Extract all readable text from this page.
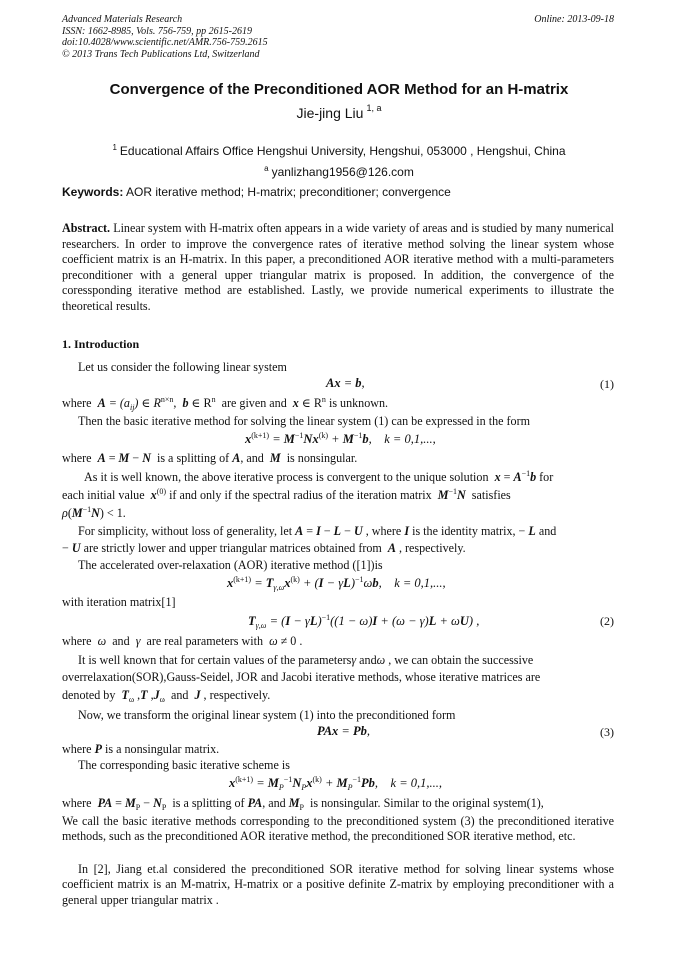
Advanced Materials Research
ISSN: 1662-8985, Vols. 756-759, pp 2615-2619
doi:10.4028/www.scientific.net/AMR.756-759.2615
© 2013 Trans Tech Publications Ltd, Switzerland
Online: 2013-09-18
Convergence of the Preconditioned AOR Method for an H-matrix
Jie-jing Liu $^{1, a}$
$^1$ Educational Affairs Office Hengshui University, Hengshui, 053000 , Hengshui, China
$^a$ yanlizhang1956@126.com
Keywords: AOR iterative method; H-matrix; preconditioner; convergence
Abstract. Linear system with H-matrix often appears in a wide variety of areas and is studied by many numerical researchers. In order to improve the convergence rates of iterative method solving the linear system whose coefficient matrix is an H-matrix. In this paper, a preconditioned AOR iterative method with a multi-parameters preconditioner with a general upper triangular matrix is proposed. In addition, the convergence of the coressponding iterative method are established. Lastly, we provide numerical experiments to illustrate the theoretical results.
1. Introduction
Let us consider the following linear system
Ax = b,	(1)
where  $A = (a_{ij})$ ∈ $R^{n\times n}$,  b ∈ $R^n$ are given and x ∈ $R^n$ is unknown.
Then the basic iterative method for solving the linear system (1) can be expressed in the form
$x^{(k+1)} = M^{-1}Nx^{(k)} + M^{-1}b$,    k = 0,1,...,
where  A = M − N is a splitting of A, and M is nonsingular.
As it is well known, the above iterative process is convergent to the unique solution $x = A^{-1}b$ for
each initial value $x^{(0)}$ if and only if the spectral radius of the iteration matrix $M^{-1}N$ satisfies
$\rho(M^{-1}N) < 1$.
For simplicity, without loss of generality, let A = I − L − U , where I is the identity matrix, − L and
− U are strictly lower and upper triangular matrices obtained from A , respectively.
The accelerated over-relaxation (AOR) iterative method ([1])is
$x^{(k+1)} = T_{\gamma,\omega}x^{(k)} + (I - \gamma L)^{-1}\omega b$,    k = 0,1,...,
with iteration matrix[1]
$T_{\gamma,\omega} = (I - \gamma L)^{-1}((1 - \omega)I + (\omega - \gamma)L + \omega U)$ ,	(2)
where ω and γ are real parameters with ω ≠ 0 .
It is well known that for certain values of the parametersγ andω , we can obtain the successive
overrelaxation(SOR),Gauss-Seidel, JOR and Jacobi iterative methods, whose iterative matrices are
denoted by $T_\omega$ ,T $,J_\omega$ and J , respectively.
Now, we transform the original linear system (1) into the preconditioned form
PAx = Pb,	(3)
where P is a nonsingular matrix.
The corresponding basic iterative scheme is
$x^{(k+1)} = M_P^{-1}N_Px^{(k)} + M_P^{-1}Pb$,    k = 0,1,...,
where  PA = $M_P - N_P$ is a splitting of PA, and $M_P$ is nonsingular. Similar to the original system(1),
We call the basic iterative methods corresponding to the preconditioned system (3) the preconditioned iterative methods, such as the preconditioned AOR iterative method, the preconditioned SOR iterative method, etc.
In [2], Jiang et.al considered the preconditioned SOR iterative method for solving linear systems whose coefficient matrix is an M-matrix, H-matrix or a positive definite Z-matrix by employing preconditioner with a general upper triangular matrix .
